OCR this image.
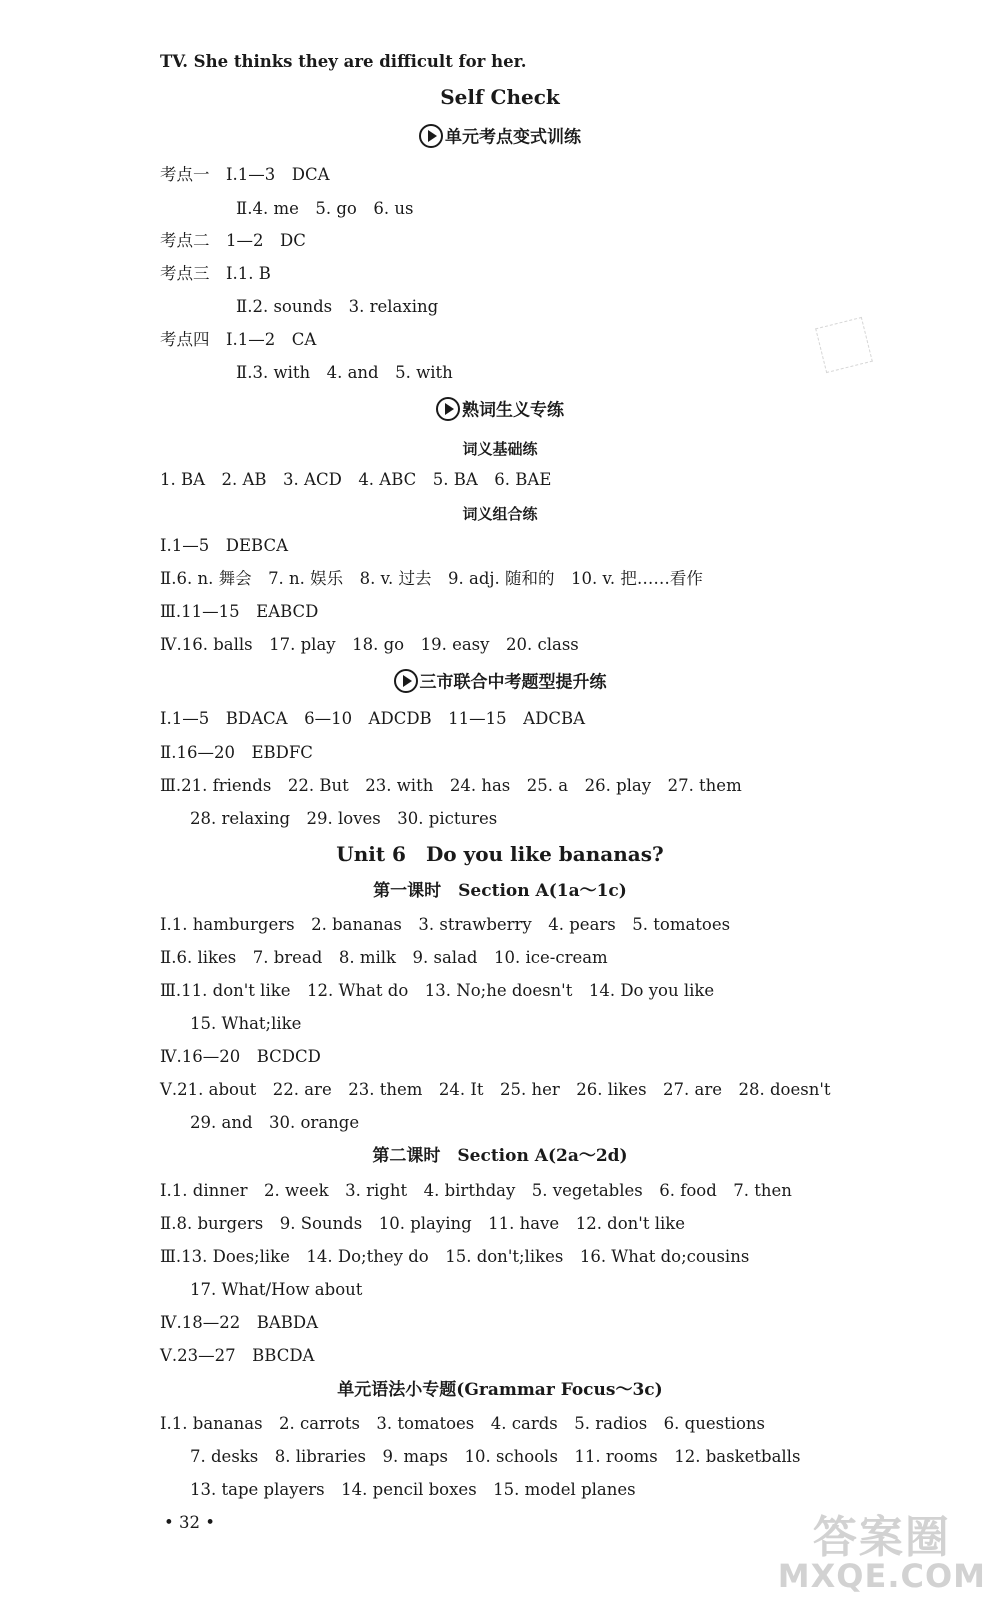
TV. She thinks they are difficult for her.
Self Check
单元考点变式训练
考点一　Ⅰ.1—3　DCA
Ⅱ.4. me　5. go　6. us
考点二　1—2　DC
考点三　Ⅰ.1. B
Ⅱ.2. sounds　3. relaxing
考点四　Ⅰ.1—2　CA
Ⅱ.3. with　4. and　5. with
熟词生义专练
词义基础练
1. BA　2. AB　3. ACD　4. ABC　5. BA　6. BAE
词义组合练
Ⅰ.1—5　DEBCA
Ⅱ.6. n. 舞会　7. n. 娱乐　8. v. 过去　9. adj. 随和的　10. v. 把……看作
Ⅲ.11—15　EABCD
Ⅳ.16. balls　17. play　18. go　19. easy　20. class
三市联合中考题型提升练
Ⅰ.1—5　BDACA　6—10　ADCDB　11—15　ADCBA
Ⅱ.16—20　EBDFC
Ⅲ.21. friends　22. But　23. with　24. has　25. a　26. play　27. them
28. relaxing　29. loves　30. pictures
Unit 6　Do you like bananas?
第一课时　Section A(1a～1c)
Ⅰ.1. hamburgers　2. bananas　3. strawberry　4. pears　5. tomatoes
Ⅱ.6. likes　7. bread　8. milk　9. salad　10. ice-cream
Ⅲ.11. don't like　12. What do　13. No;he doesn't　14. Do you like
15. What;like
Ⅳ.16—20　BCDCD
Ⅴ.21. about　22. are　23. them　24. It　25. her　26. likes　27. are　28. doesn't
29. and　30. orange
第二课时　Section A(2a～2d)
Ⅰ.1. dinner　2. week　3. right　4. birthday　5. vegetables　6. food　7. then
Ⅱ.8. burgers　9. Sounds　10. playing　11. have　12. don't like
Ⅲ.13. Does;like　14. Do;they do　15. don't;likes　16. What do;cousins
17. What/How about
Ⅳ.18—22　BABDA
Ⅴ.23—27　BBCDA
单元语法小专题(Grammar Focus～3c)
Ⅰ.1. bananas　2. carrots　3. tomatoes　4. cards　5. radios　6. questions
7. desks　8. libraries　9. maps　10. schools　11. rooms　12. basketballs
13. tape players　14. pencil boxes　15. model planes
• 32 •	答案圈
MXQE.COM
